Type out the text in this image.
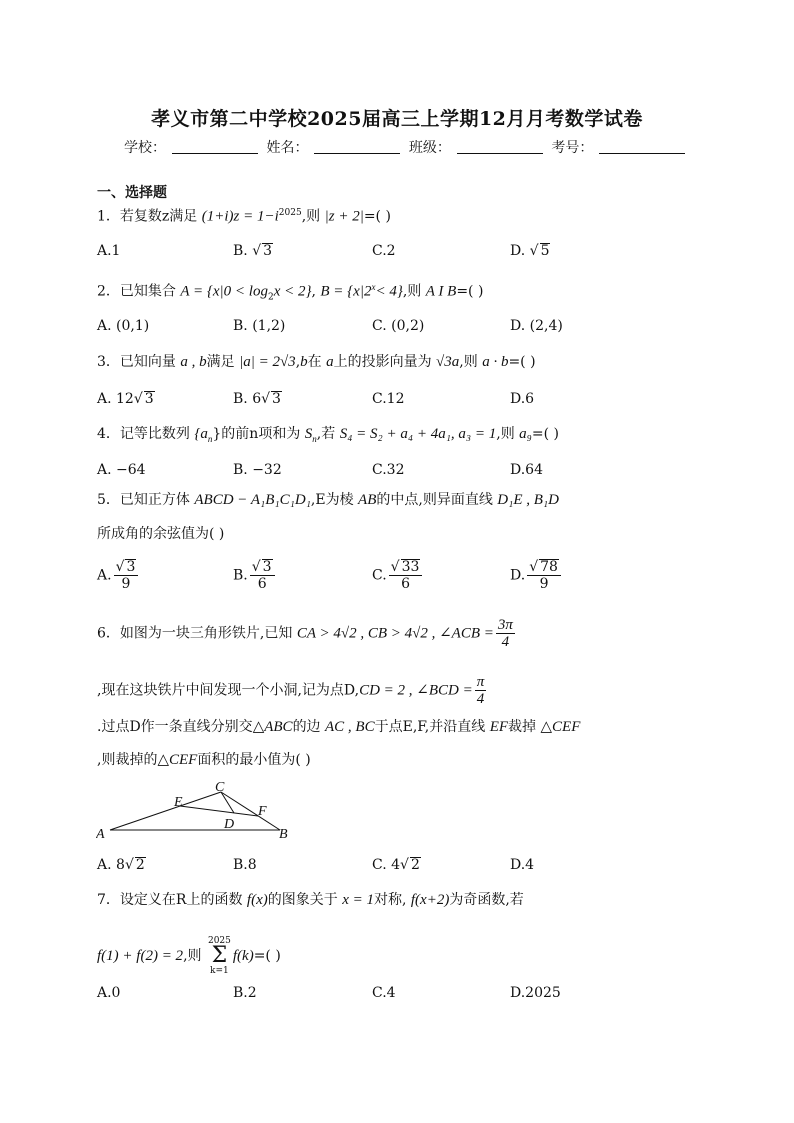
孝义市第二中学校2025届高三上学期12月月考数学试卷
学校：	姓名：	班级：	考号：
一、选择题
1．若复数z满足 $(1+i)z = 1-i^{2025}$,则 |z + 2|=( )
A.1	B. √ 3	C.2	D. √ 5
2．已知集合 $A = \{x|0 < \log_2x < 2\}$, $B = \{x|2^x< 4\}$,则 A I B=( )
A. (0,1)	B. (1,2)	C. (0,2)	D. (2,4)
3．已知向量 a , b满足 |a| = 2√3,b在 a上的投影向量为 √3a,则 a · b=( )
A. 12√ 3	B. 6√ 3	C.12	D.6
4．记等比数列 $\{a_n\}$的前n项和为 $S_n$,若 S₄ = S₂ + a₄ + 4a₁, a₃ = 1,则 a₉=( )
A. −64	B. −32	C.32	D.64
5．已知正方体 ABCD − A₁B₁C₁D₁,E为棱 AB的中点,则异面直线 D₁E , B₁D
所成角的余弦值为( )
A. $\frac{√ 3}{9}$	B. $\frac{√ 3}{6}$	C. $\frac{√ 33}{6}$	D. $\frac{√ 78}{9}$
6．如图为一块三角形铁片,已知 CA > 4√2 , CB > 4√2 , ∠ACB = $\frac{3\pi}{4}$
,现在这块铁片中间发现一个小洞,记为点D,CD = 2 , ∠BCD = $\frac{\pi}{4}$
.过点D作一条直线分别交△ABC的边 AC , BC于点E,F,并沿直线 EF裁掉 △CEF
,则裁掉的△CEF面积的最小值为( )
A	B
C
D
E
F
A. 8√ 2	B.8	C. 4√ 2	D.4
7．设定义在R上的函数 f(x)的图象关于 x = 1对称, f(x+2)为奇函数,若
f(1) + f(2) = 2,则
2025
Σ
k=1
f(k)=( )
A.0	B.2	C.4	D.2025
